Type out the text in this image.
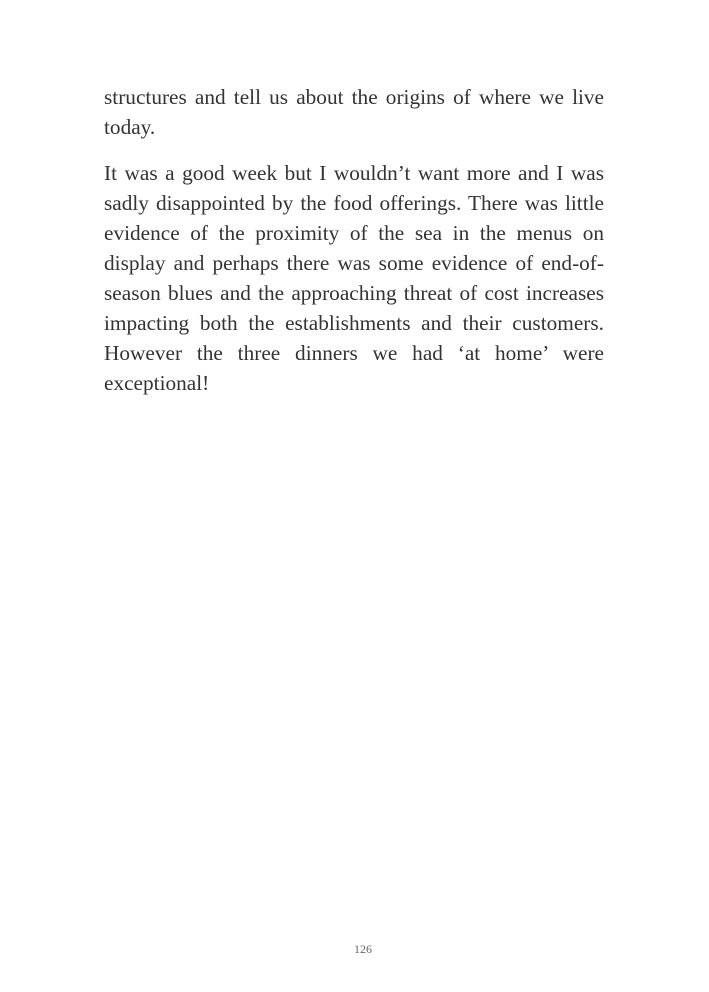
structures and tell us about the origins of where we live today.

It was a good week but I wouldn’t want more and I was sadly disappointed by the food offerings. There was little evidence of the proximity of the sea in the menus on display and perhaps there was some evidence of end-of-season blues and the approaching threat of cost increases impacting both the establishments and their customers. However the three dinners we had ‘at home’ were exceptional!

126
